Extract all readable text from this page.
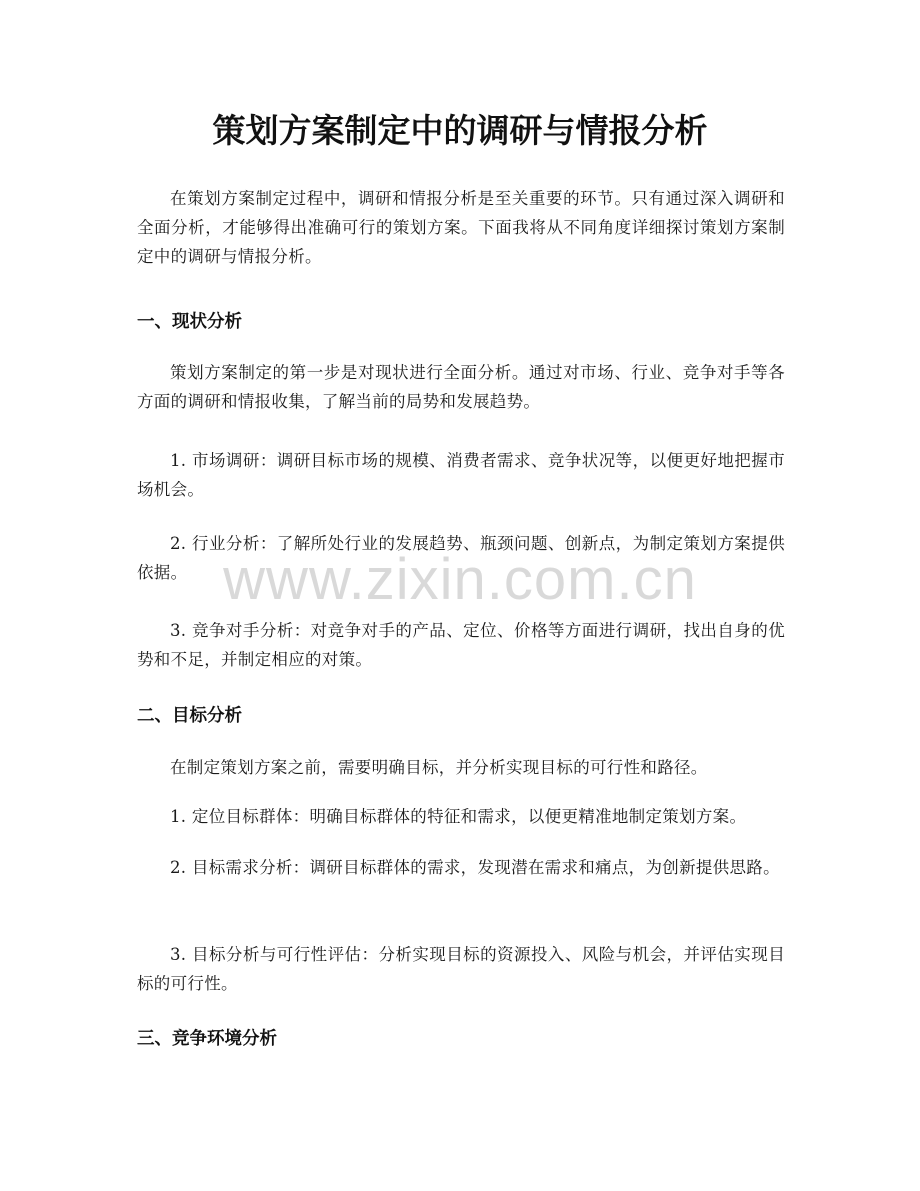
策划方案制定中的调研与情报分析

在策划方案制定过程中，调研和情报分析是至关重要的环节。只有通过深入调研和全面分析，才能够得出准确可行的策划方案。下面我将从不同角度详细探讨策划方案制定中的调研与情报分析。

一、现状分析

策划方案制定的第一步是对现状进行全面分析。通过对市场、行业、竞争对手等各方面的调研和情报收集，了解当前的局势和发展趋势。

1. 市场调研：调研目标市场的规模、消费者需求、竞争状况等，以便更好地把握市场机会。

2. 行业分析：了解所处行业的发展趋势、瓶颈问题、创新点，为制定策划方案提供依据。

3. 竞争对手分析：对竞争对手的产品、定位、价格等方面进行调研，找出自身的优势和不足，并制定相应的对策。

二、目标分析

在制定策划方案之前，需要明确目标，并分析实现目标的可行性和路径。

1. 定位目标群体：明确目标群体的特征和需求，以便更精准地制定策划方案。

2. 目标需求分析：调研目标群体的需求，发现潜在需求和痛点，为创新提供思路。

3. 目标分析与可行性评估：分析实现目标的资源投入、风险与机会，并评估实现目标的可行性。

三、竞争环境分析
www.zixin.com.cn
